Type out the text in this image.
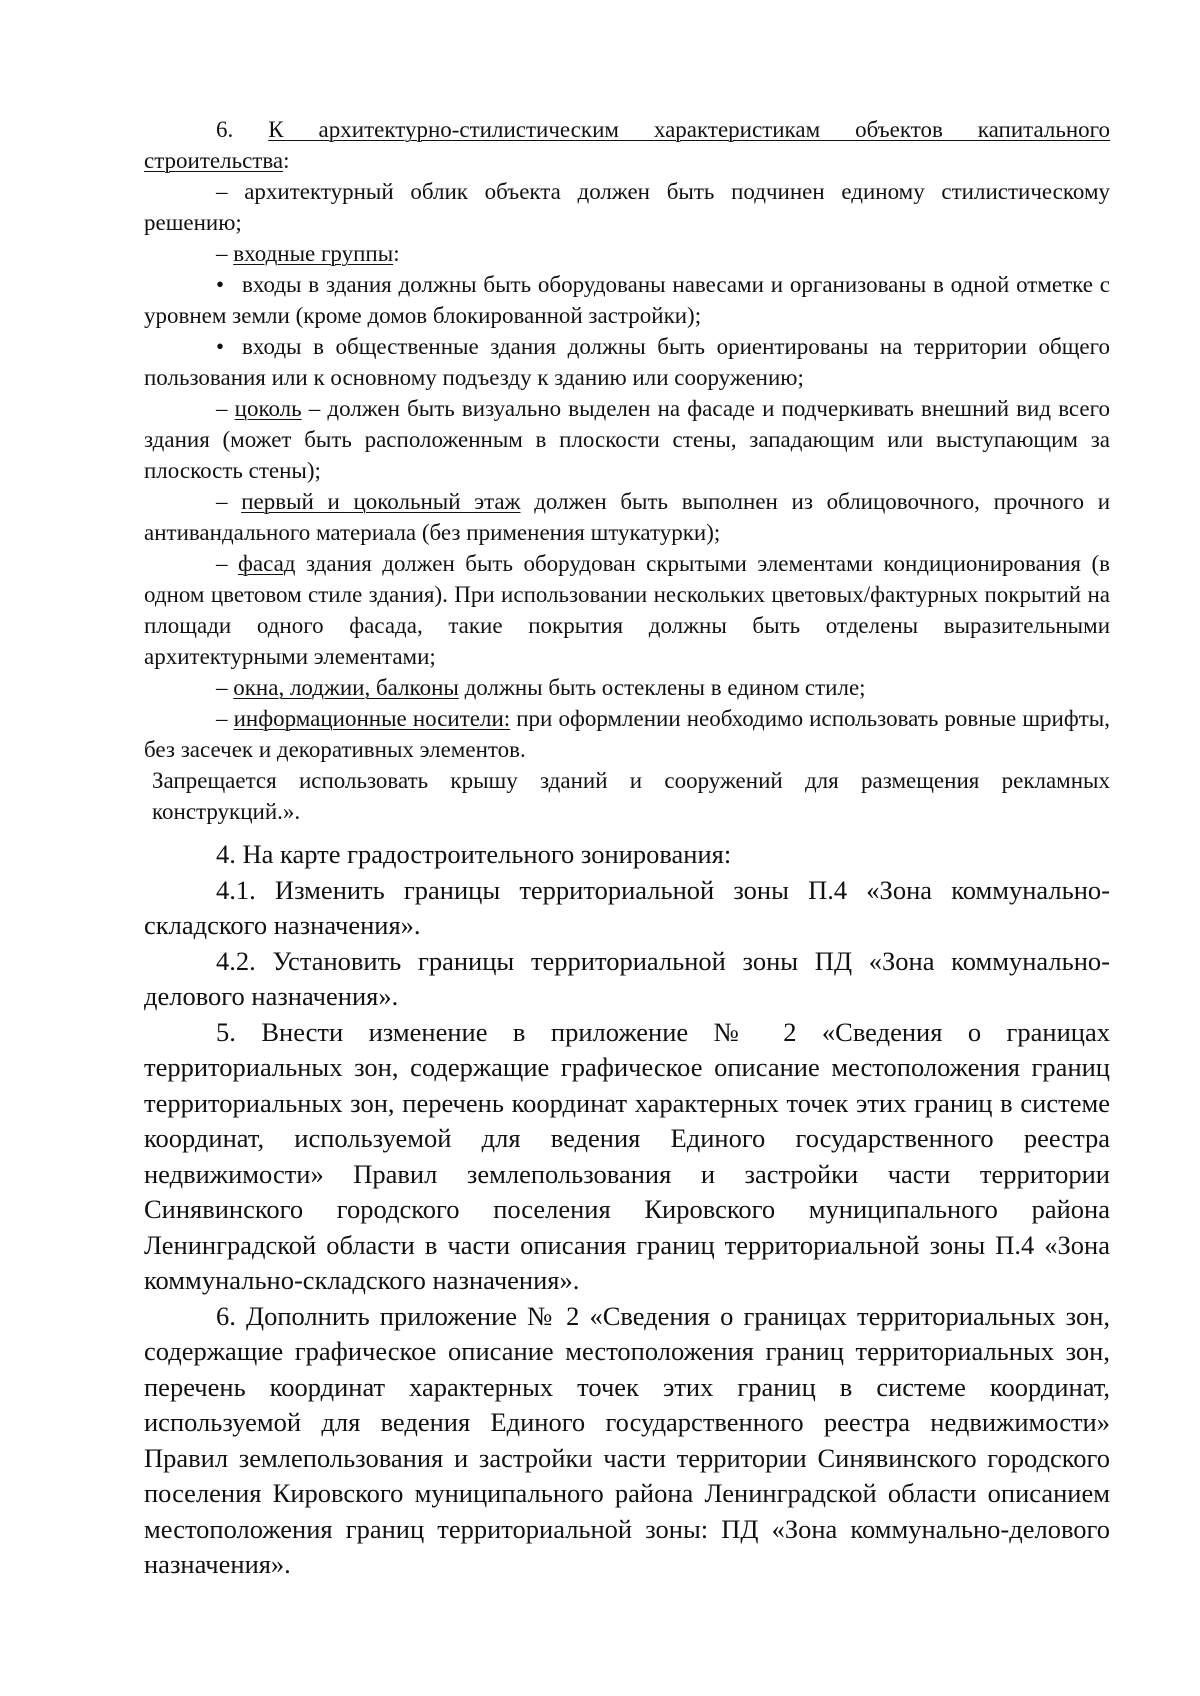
6. К архитектурно-стилистическим характеристикам объектов капитального строительства:

– архитектурный облик объекта должен быть подчинен единому стилистическому решению;

– входные группы:

• входы в здания должны быть оборудованы навесами и организованы в одной отметке с уровнем земли (кроме домов блокированной застройки);

• входы в общественные здания должны быть ориентированы на территории общего пользования или к основному подъезду к зданию или сооружению;

– цоколь – должен быть визуально выделен на фасаде и подчеркивать внешний вид всего здания (может быть расположенным в плоскости стены, западающим или выступающим за плоскость стены);

– первый и цокольный этаж должен быть выполнен из облицовочного, прочного и антивандального материала (без применения штукатурки);

– фасад здания должен быть оборудован скрытыми элементами кондиционирования (в одном цветовом стиле здания). При использовании нескольких цветовых/фактурных покрытий на площади одного фасада, такие покрытия должны быть отделены выразительными архитектурными элементами;

– окна, лоджии, балконы должны быть остеклены в едином стиле;

– информационные носители: при оформлении необходимо использовать ровные шрифты, без засечек и декоративных элементов.

Запрещается использовать крышу зданий и сооружений для размещения рекламных конструкций.».

4. На карте градостроительного зонирования:

4.1. Изменить границы территориальной зоны П.4 «Зона коммунально-складского назначения».

4.2. Установить границы территориальной зоны ПД «Зона коммунально-делового назначения».

5. Внести изменение в приложение № 2 «Сведения о границах территориальных зон, содержащие графическое описание местоположения границ территориальных зон, перечень координат характерных точек этих границ в системе координат, используемой для ведения Единого государственного реестра недвижимости» Правил землепользования и застройки части территории Синявинского городского поселения Кировского муниципального района Ленинградской области в части описания границ территориальной зоны П.4 «Зона коммунально-складского назначения».

6. Дополнить приложение № 2 «Сведения о границах территориальных зон, содержащие графическое описание местоположения границ территориальных зон, перечень координат характерных точек этих границ в системе координат, используемой для ведения Единого государственного реестра недвижимости» Правил землепользования и застройки части территории Синявинского городского поселения Кировского муниципального района Ленинградской области описанием местоположения границ территориальной зоны: ПД «Зона коммунально-делового назначения».
